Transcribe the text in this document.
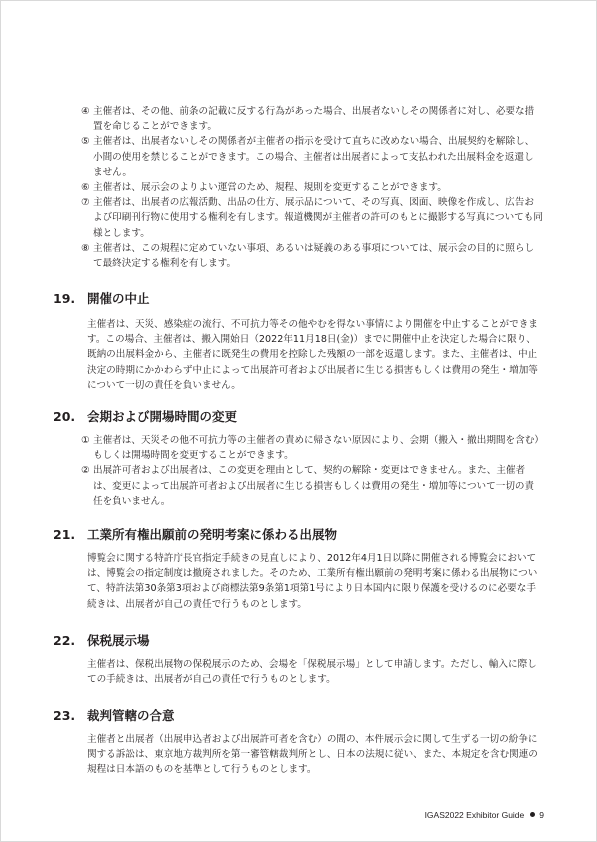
④ 主催者は、その他、前条の記載に反する行為があった場合、出展者ないしその関係者に対し、必要な措置を命じることができます。
⑤ 主催者は、出展者ないしその関係者が主催者の指示を受けて直ちに改めない場合、出展契約を解除し、小間の使用を禁じることができます。この場合、主催者は出展者によって支払われた出展料金を返還しません。
⑥ 主催者は、展示会のよりよい運営のため、規程、規則を変更することができます。
⑦ 主催者は、出展者の広報活動、出品の仕方、展示品について、その写真、図面、映像を作成し、広告および印刷刊行物に使用する権利を有します。報道機関が主催者の許可のもとに撮影する写真についても同様とします。
⑧ 主催者は、この規程に定めていない事項、あるいは疑義のある事項については、展示会の目的に照らして最終決定する権利を有します。
19. 開催の中止
主催者は、天災、感染症の流行、不可抗力等その他やむを得ない事情により開催を中止することができます。この場合、主催者は、搬入開始日（2022年11月18日(金)）までに開催中止を決定した場合に限り、既納の出展料金から、主催者に既発生の費用を控除した残額の一部を返還します。また、主催者は、中止決定の時期にかかわらず中止によって出展許可者および出展者に生じる損害もしくは費用の発生・増加等について一切の責任を負いません。
20. 会期および開場時間の変更
① 主催者は、天災その他不可抗力等の主催者の責めに帰さない原因により、会期（搬入・撤出期間を含む）もしくは開場時間を変更することができます。
② 出展許可者および出展者は、この変更を理由として、契約の解除・変更はできません。また、主催者は、変更によって出展許可者および出展者に生じる損害もしくは費用の発生・増加等について一切の責任を負いません。
21. 工業所有権出願前の発明考案に係わる出展物
博覧会に関する特許庁長官指定手続きの見直しにより、2012年4月1日以降に開催される博覧会においては、博覧会の指定制度は撤廃されました。そのため、工業所有権出願前の発明考案に係わる出展物について、特許法第30条第3項および商標法第9条第1項第1号により日本国内に限り保護を受けるのに必要な手続きは、出展者が自己の責任で行うものとします。
22. 保税展示場
主催者は、保税出展物の保税展示のため、会場を「保税展示場」として申請します。ただし、輸入に際しての手続きは、出展者が自己の責任で行うものとします。
23. 裁判管轄の合意
主催者と出展者（出展申込者および出展許可者を含む）の間の、本件展示会に関して生ずる一切の紛争に関する訴訟は、東京地方裁判所を第一審管轄裁判所とし、日本の法規に従い、また、本規定を含む関連の規程は日本語のものを基準として行うものとします。
IGAS2022 Exhibitor Guide 9
